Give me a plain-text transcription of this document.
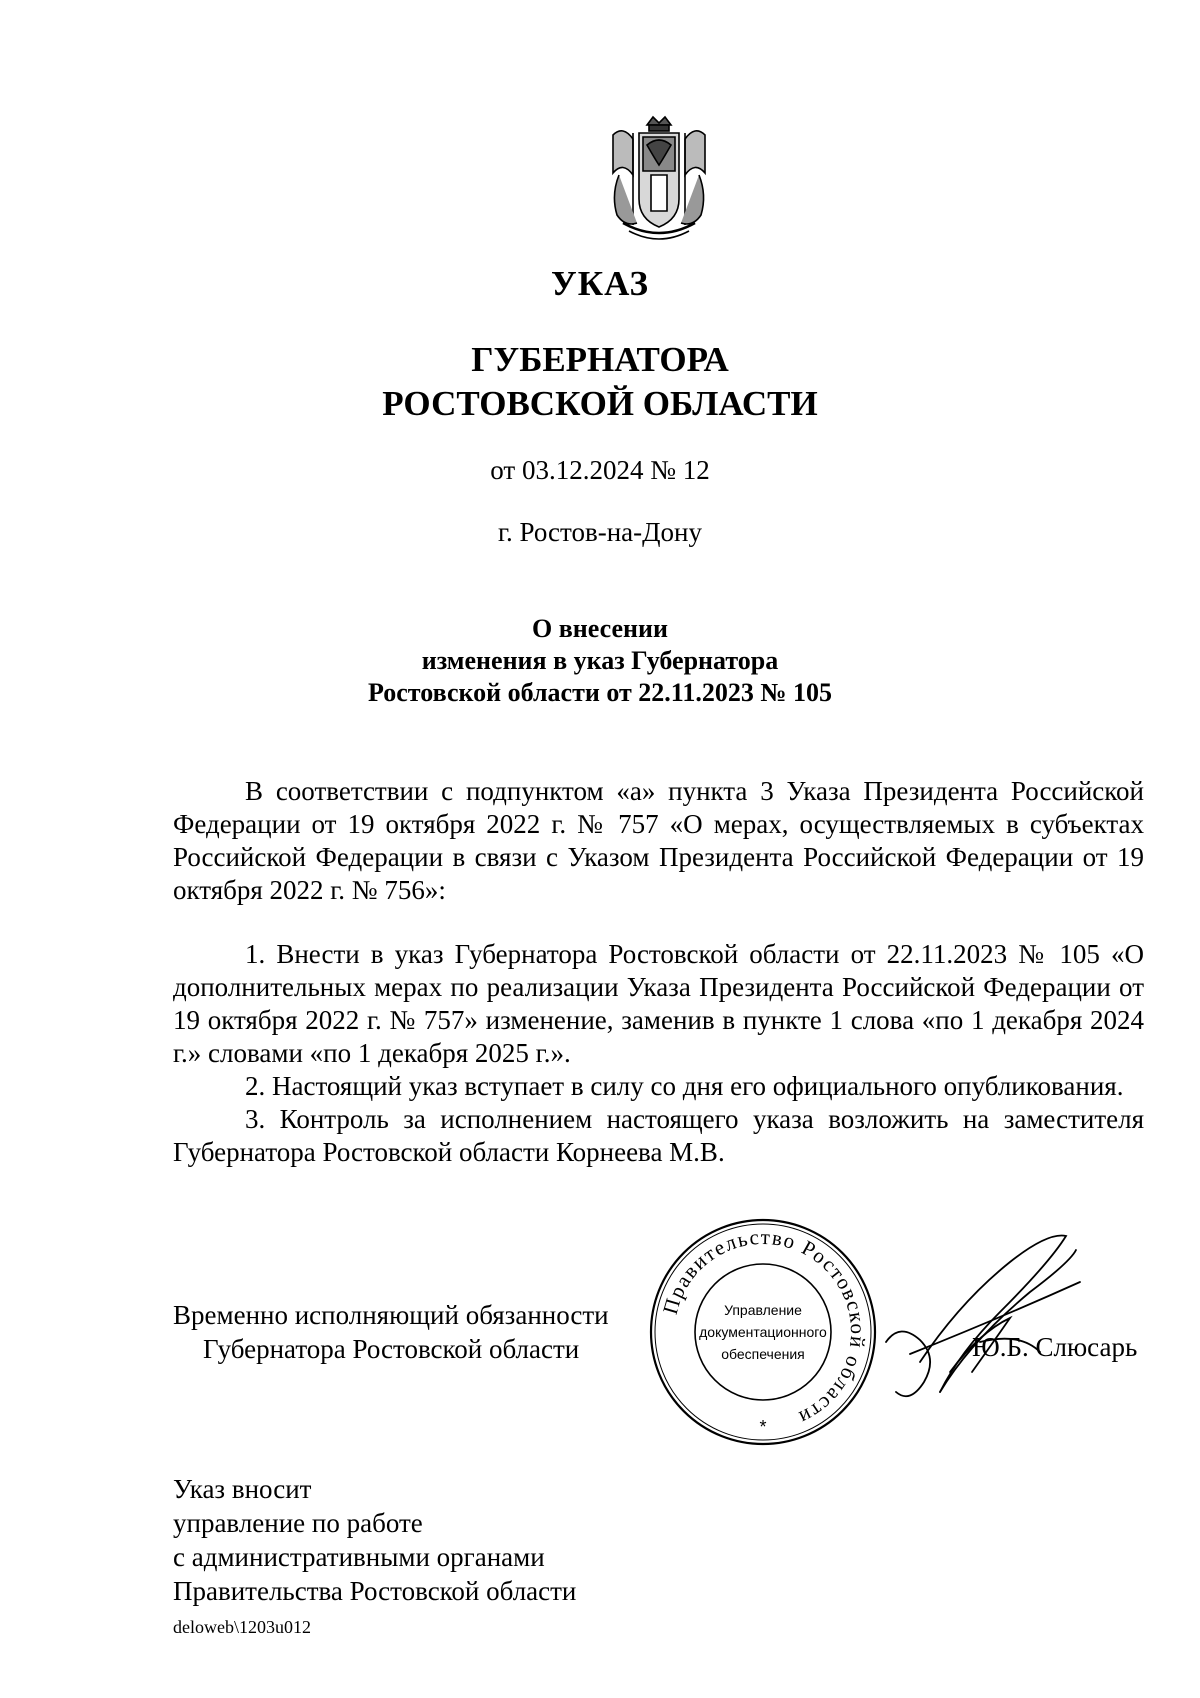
УКАЗ
ГУБЕРНАТОРА
РОСТОВСКОЙ ОБЛАСТИ
от 03.12.2024 № 12
г. Ростов-на-Дону
О внесении
изменения в указ Губернатора
Ростовской области от 22.11.2023 № 105
В соответствии с подпунктом «а» пункта 3 Указа Президента Российской Федерации от 19 октября 2022 г. № 757 «О мерах, осуществляемых в субъектах Российской Федерации в связи с Указом Президента Российской Федерации от 19 октября 2022 г. № 756»:

1. Внести в указ Губернатора Ростовской области от 22.11.2023 № 105 «О дополнительных мерах по реализации Указа Президента Российской Федерации от 19 октября 2022 г. № 757» изменение, заменив в пункте 1 слова «по 1 декабря 2024 г.» словами «по 1 декабря 2025 г.».

2. Настоящий указ вступает в силу со дня его официального опубликования.

3. Контроль за исполнением настоящего указа возложить на заместителя Губернатора Ростовской области Корнеева М.В.

Временно исполняющий обязанности
Губернатора Ростовской области
Правительство Ростовской области
Управление
документационного
обеспечения
*
Ю.Б. Слюсарь
Указ вносит
управление по работе
с административными органами
Правительства Ростовской области
deloweb\1203u012
